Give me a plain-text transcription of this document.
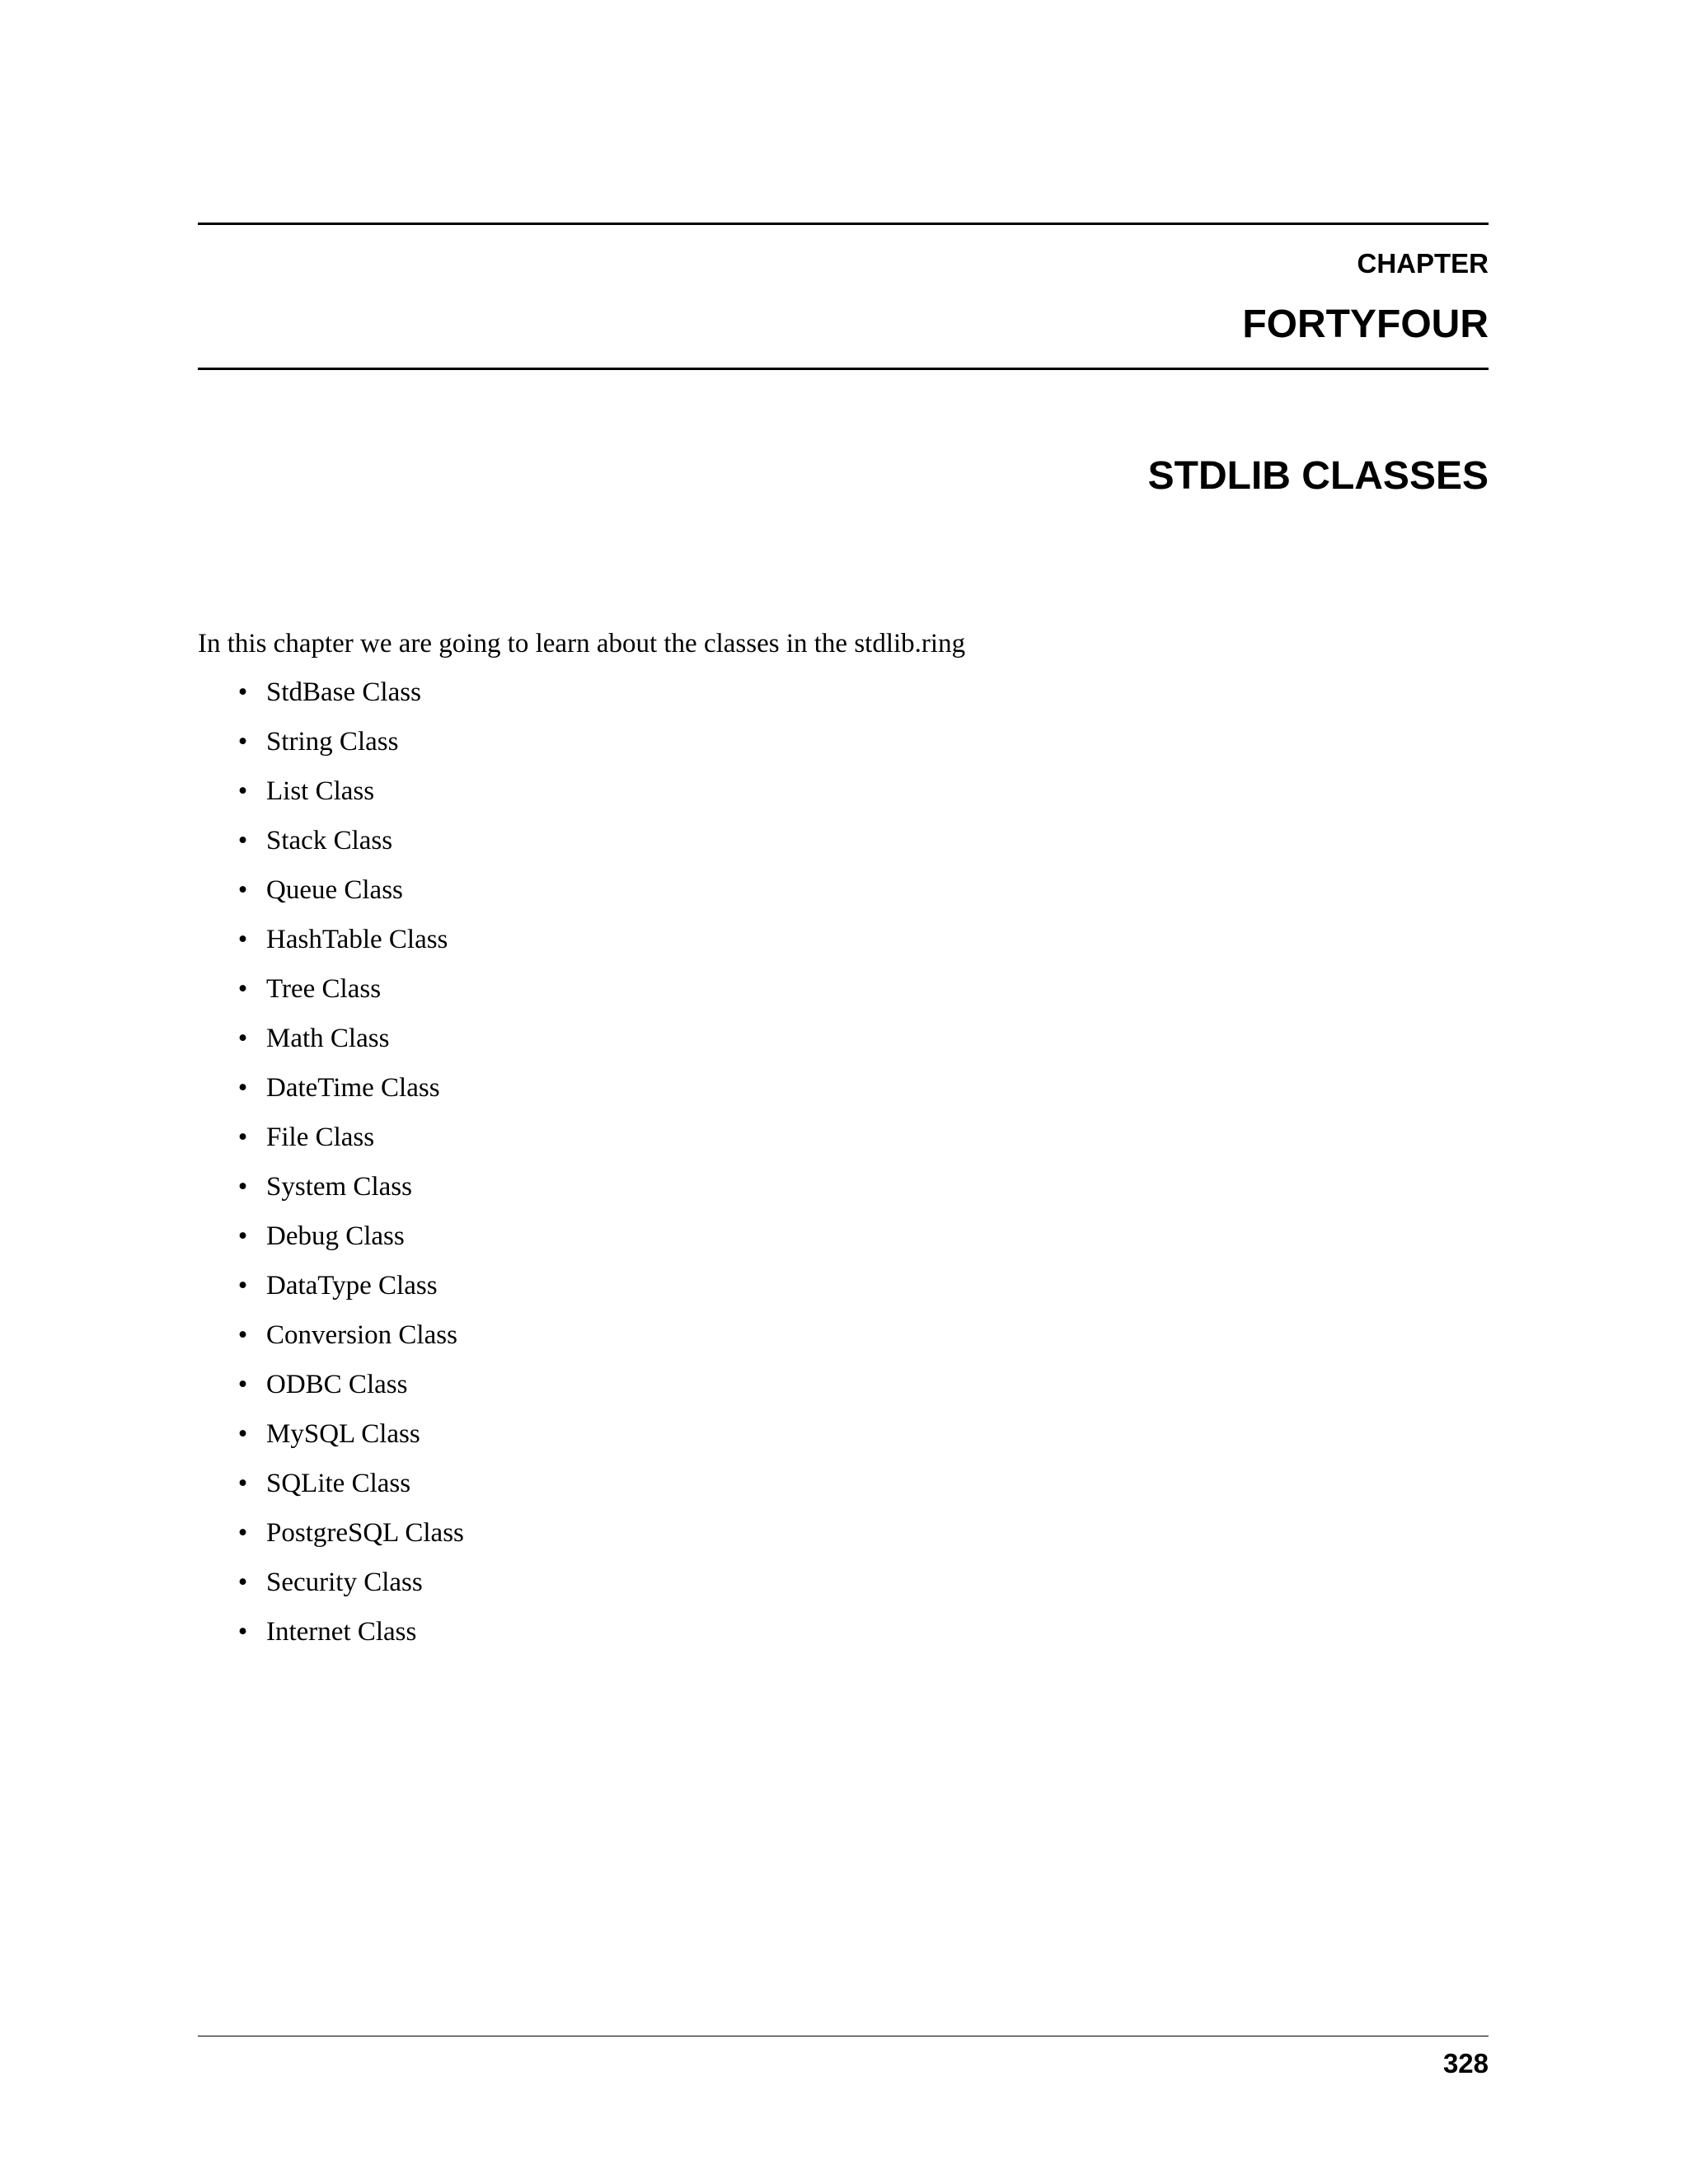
CHAPTER

FORTYFOUR

STDLIB CLASSES

In this chapter we are going to learn about the classes in the stdlib.ring

• StdBase Class
• String Class
• List Class
• Stack Class
• Queue Class
• HashTable Class
• Tree Class
• Math Class
• DateTime Class
• File Class
• System Class
• Debug Class
• DataType Class
• Conversion Class
• ODBC Class
• MySQL Class
• SQLite Class
• PostgreSQL Class
• Security Class
• Internet Class

328
